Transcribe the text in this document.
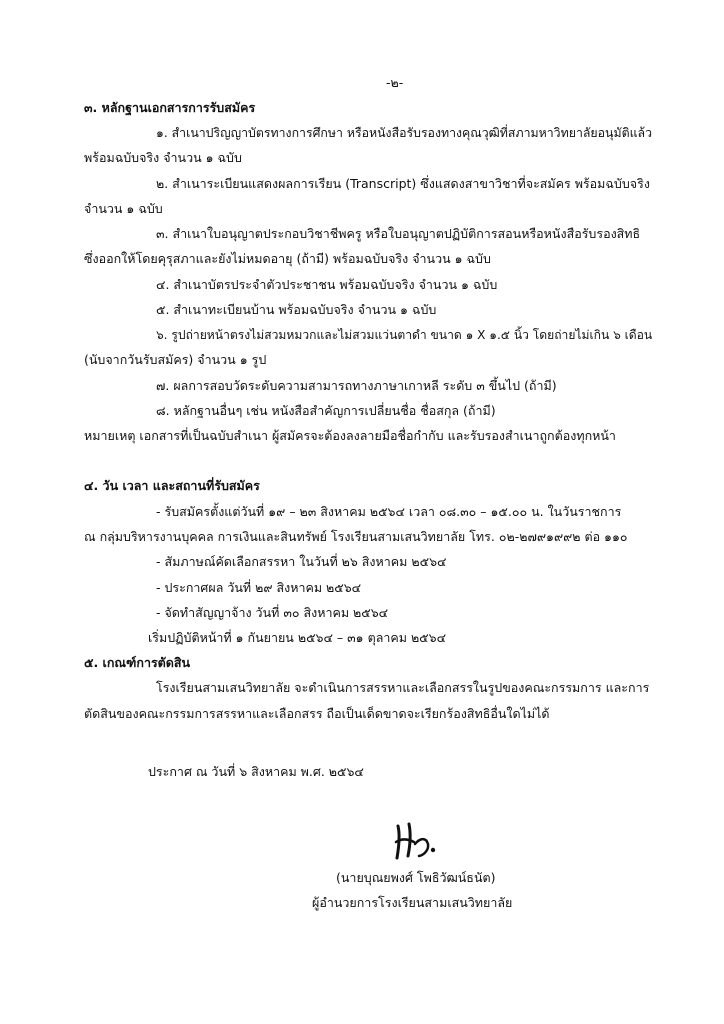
-๒-
๓. หลักฐานเอกสารการรับสมัคร
๑. สำเนาปริญญาบัตรทางการศึกษา หรือหนังสือรับรองทางคุณวุฒิที่สภามหาวิทยาลัยอนุมัติแล้ว
พร้อมฉบับจริง จำนวน ๑ ฉบับ
๒. สำเนาระเบียนแสดงผลการเรียน (Transcript) ซึ่งแสดงสาขาวิชาที่จะสมัคร พร้อมฉบับจริง
จำนวน ๑ ฉบับ
๓. สำเนาใบอนุญาตประกอบวิชาชีพครู หรือใบอนุญาตปฏิบัติการสอนหรือหนังสือรับรองสิทธิ
ซึ่งออกให้โดยคุรุสภาและยังไม่หมดอายุ (ถ้ามี) พร้อมฉบับจริง จำนวน ๑ ฉบับ
๔. สำเนาบัตรประจำตัวประชาชน พร้อมฉบับจริง จำนวน ๑ ฉบับ
๕. สำเนาทะเบียนบ้าน พร้อมฉบับจริง จำนวน ๑ ฉบับ
๖. รูปถ่ายหน้าตรงไม่สวมหมวกและไม่สวมแว่นตาดำ ขนาด ๑ X ๑.๕ นิ้ว โดยถ่ายไม่เกิน ๖ เดือน
(นับจากวันรับสมัคร) จำนวน ๑ รูป
๗. ผลการสอบวัดระดับความสามารถทางภาษาเกาหลี ระดับ ๓ ขึ้นไป (ถ้ามี)
๘. หลักฐานอื่นๆ เช่น หนังสือสำคัญการเปลี่ยนชื่อ ชื่อสกุล (ถ้ามี)
หมายเหตุ เอกสารที่เป็นฉบับสำเนา ผู้สมัครจะต้องลงลายมือชื่อกำกับ และรับรองสำเนาถูกต้องทุกหน้า
๔. วัน เวลา และสถานที่รับสมัคร
- รับสมัครตั้งแต่วันที่ ๑๙ – ๒๓ สิงหาคม ๒๕๖๔ เวลา ๐๘.๓๐ – ๑๕.๐๐ น. ในวันราชการ
ณ กลุ่มบริหารงานบุคคล การเงินและสินทรัพย์ โรงเรียนสามเสนวิทยาลัย โทร. ๐๒-๒๗๙๑๙๙๒ ต่อ ๑๑๐
- สัมภาษณ์คัดเลือกสรรหา ในวันที่ ๒๖ สิงหาคม ๒๕๖๔
- ประกาศผล วันที่ ๒๙ สิงหาคม ๒๕๖๔
- จัดทำสัญญาจ้าง วันที่ ๓๐ สิงหาคม ๒๕๖๔
เริ่มปฏิบัติหน้าที่ ๑ กันยายน ๒๕๖๔ – ๓๑ ตุลาคม ๒๕๖๔
๕. เกณฑ์การตัดสิน
โรงเรียนสามเสนวิทยาลัย จะดำเนินการสรรหาและเลือกสรรในรูปของคณะกรรมการ และการ
ตัดสินของคณะกรรมการสรรหาและเลือกสรร ถือเป็นเด็ดขาดจะเรียกร้องสิทธิอื่นใดไม่ได้
ประกาศ ณ วันที่ ๖ สิงหาคม พ.ศ. ๒๕๖๔
(นายบุณยพงศ์ โพธิวัฒน์ธนัต)
ผู้อำนวยการโรงเรียนสามเสนวิทยาลัย
